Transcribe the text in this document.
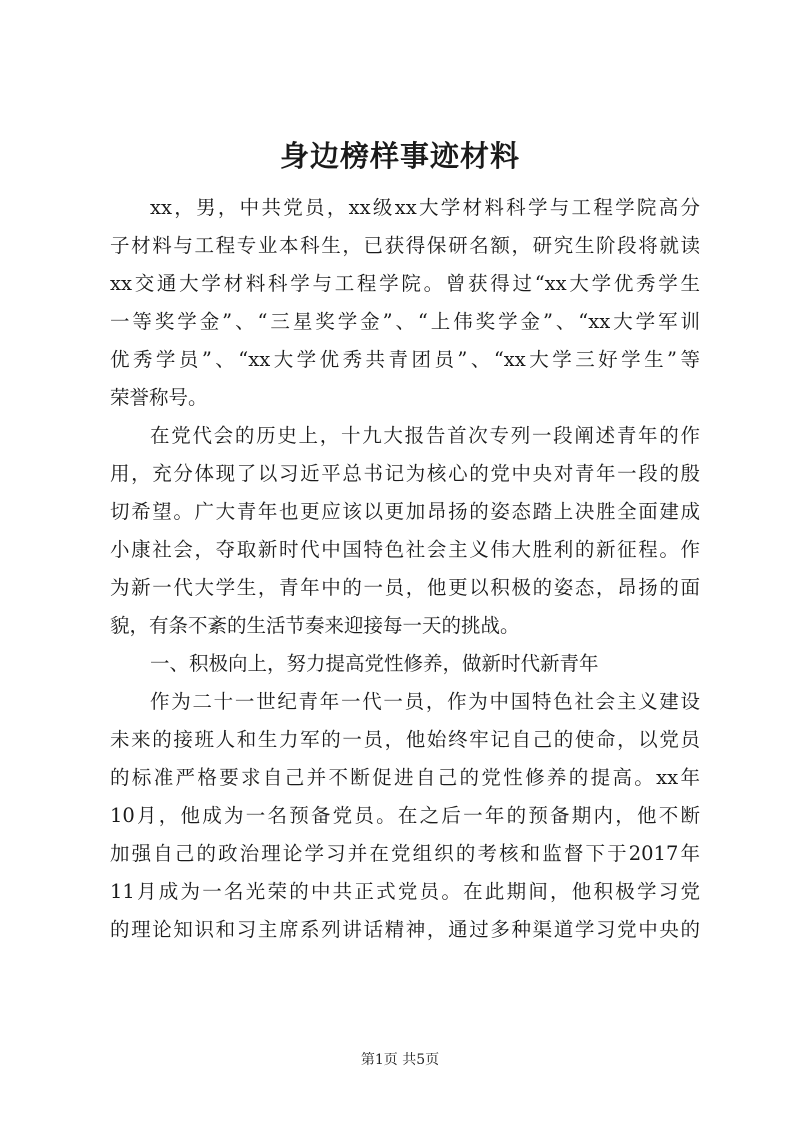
身边榜样事迹材料
xx，男，中共党员，xx级xx大学材料科学与工程学院高分
子材料与工程专业本科生，已获得保研名额，研究生阶段将就读
xx交通大学材料科学与工程学院。曾获得过“xx大学优秀学生
一等奖学金”、“三星奖学金”、“上伟奖学金”、“xx大学军训
优秀学员”、“xx大学优秀共青团员”、“xx大学三好学生”等
荣誉称号。
在党代会的历史上，十九大报告首次专列一段阐述青年的作
用，充分体现了以习近平总书记为核心的党中央对青年一段的殷
切希望。广大青年也更应该以更加昂扬的姿态踏上决胜全面建成
小康社会，夺取新时代中国特色社会主义伟大胜利的新征程。作
为新一代大学生，青年中的一员，他更以积极的姿态，昂扬的面
貌，有条不紊的生活节奏来迎接每一天的挑战。
一、积极向上，努力提高党性修养，做新时代新青年
作为二十一世纪青年一代一员，作为中国特色社会主义建设
未来的接班人和生力军的一员，他始终牢记自己的使命，以党员
的标准严格要求自己并不断促进自己的党性修养的提高。xx年
10月，他成为一名预备党员。在之后一年的预备期内，他不断
加强自己的政治理论学习并在党组织的考核和监督下于2017年
11月成为一名光荣的中共正式党员。在此期间，他积极学习党
的理论知识和习主席系列讲话精神，通过多种渠道学习党中央的
第1页 共5页
